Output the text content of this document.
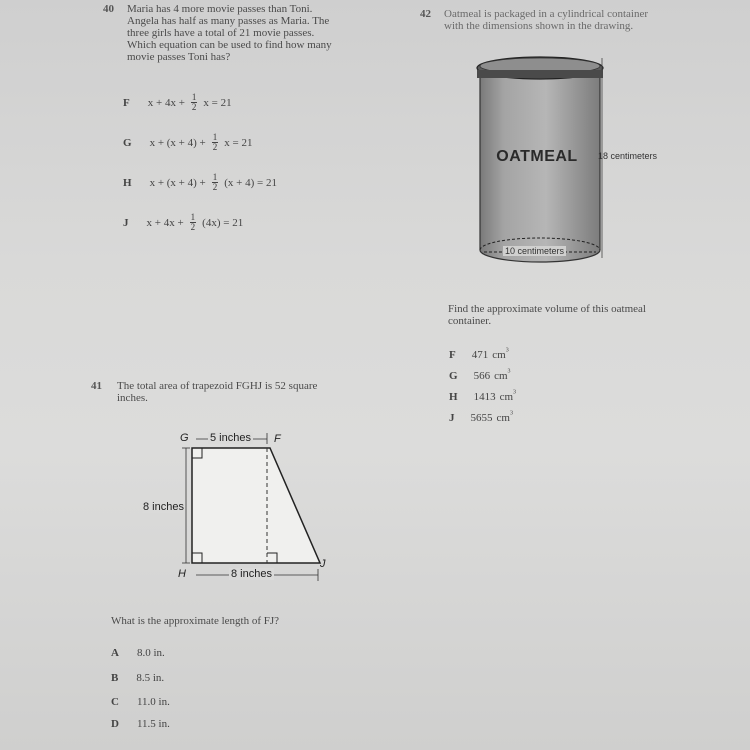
40 Maria has 4 more movie passes than Toni.
Angela has half as many passes as Maria. The
three girls have a total of 21 movie passes.
Which equation can be used to find how many
movie passes Toni has?
F $x + 4x + \frac{1}{2}$ x = 21
G $x + (x + 4) + \frac{1}{2}$ x = 21
H $x + (x + 4) + \frac{1}{2} (x + 4) = 21$
J $x + 4x + \frac{1}{2} (4x) = 21$
42 Oatmeal is packaged in a cylindrical container
with the dimensions shown in the drawing.
OATMEAL 18 centimeters
10 centimeters
Find the approximate volume of this oatmeal
container.
F 471 $cm^3$
G 566 $cm^3$
H 1413 $cm^3$
J 5655 $cm^3$
41 The total area of trapezoid FGHJ is 52 square
inches.
G 5 inches F
8 inches
H	8 inches
J
What is the approximate length of FJ?
A 8.0 in.
B 8.5 in.
C 11.0 in.
D 11.5 in.
